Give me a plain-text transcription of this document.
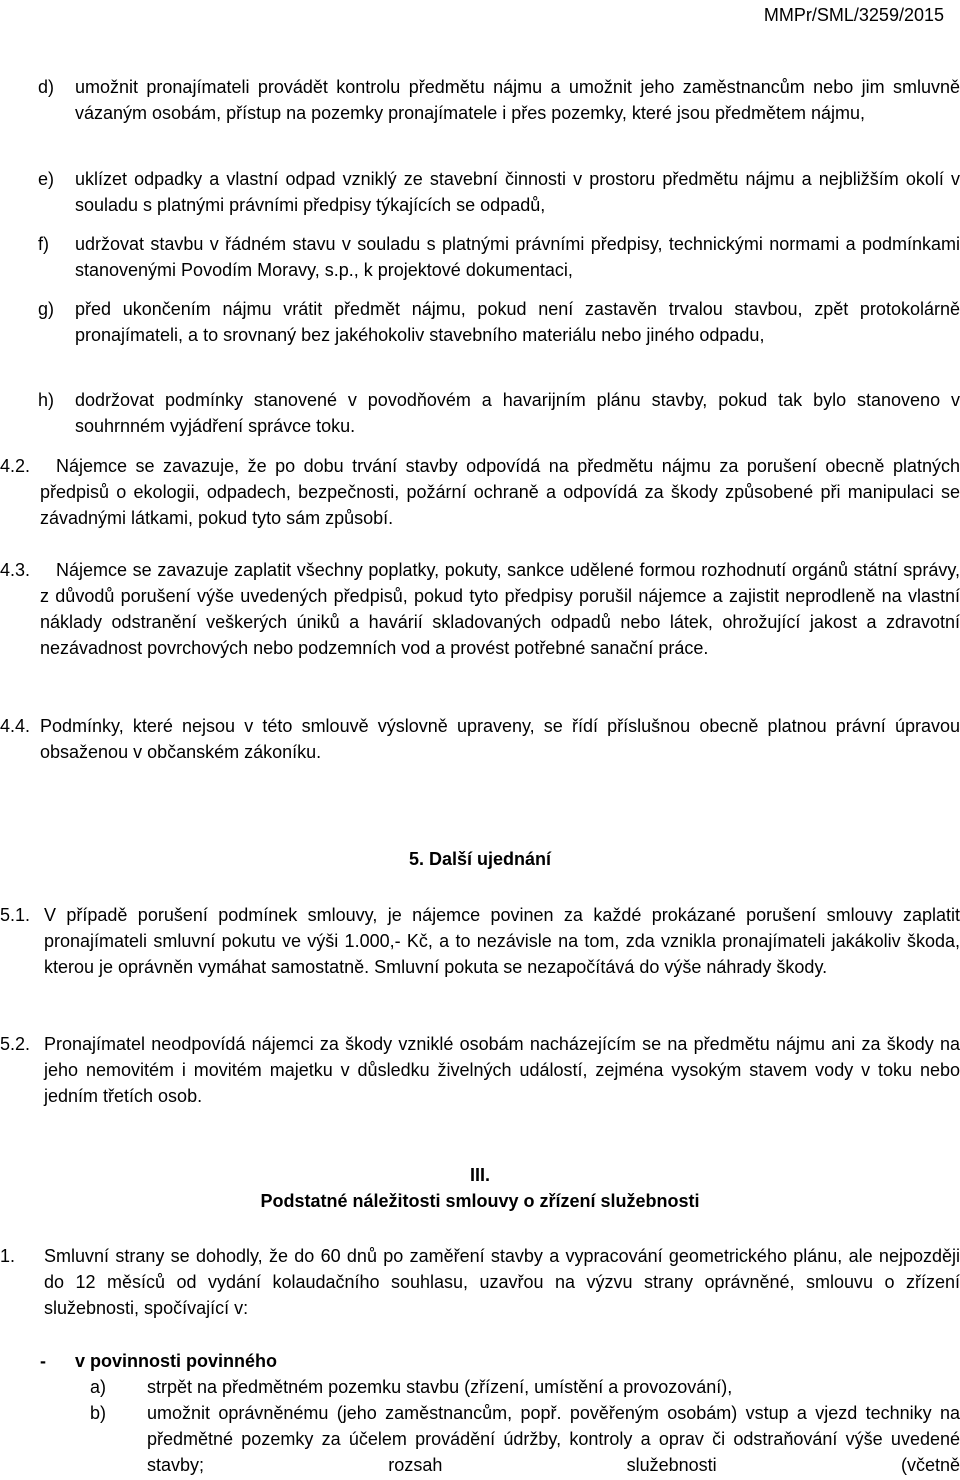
MMPr/SML/3259/2015
d) umožnit pronajímateli provádět kontrolu předmětu nájmu a umožnit jeho zaměstnancům nebo jim smluvně vázaným osobám, přístup na pozemky pronajímatele i přes pozemky, které jsou předmětem nájmu,
e) uklízet odpadky a vlastní odpad vzniklý ze stavební činnosti v prostoru předmětu nájmu a nejbližším okolí v souladu s platnými právními předpisy týkajících se odpadů,
f) udržovat stavbu v řádném stavu v souladu s platnými právními předpisy, technickými normami a podmínkami stanovenými Povodím Moravy, s.p., k projektové dokumentaci,
g) před ukončením nájmu vrátit předmět nájmu, pokud není zastavěn trvalou stavbou, zpět protokolárně pronajímateli, a to srovnaný bez jakéhokoliv stavebního materiálu nebo jiného odpadu,
h) dodržovat podmínky stanovené v povodňovém a havarijním plánu stavby, pokud tak bylo stanoveno v souhrnném vyjádření správce toku.
4.2.	Nájemce se zavazuje, že po dobu trvání stavby odpovídá na předmětu nájmu za porušení obecně platných předpisů o ekologii, odpadech, bezpečnosti, požární ochraně a odpovídá za škody způsobené při manipulaci se závadnými látkami, pokud tyto sám způsobí.
4.3.	Nájemce se zavazuje zaplatit všechny poplatky, pokuty, sankce udělené formou rozhodnutí orgánů státní správy, z důvodů porušení výše uvedených předpisů, pokud tyto předpisy porušil nájemce a zajistit neprodleně na vlastní náklady odstranění veškerých úniků a havárií skladovaných odpadů nebo látek, ohrožující jakost a zdravotní nezávadnost povrchových nebo podzemních vod a provést potřebné sanační práce.
4.4. Podmínky, které nejsou v této smlouvě výslovně upraveny, se řídí příslušnou obecně platnou právní úpravou obsaženou v občanském zákoníku.
5. Další ujednání
5.1. V případě porušení podmínek smlouvy, je nájemce povinen za každé prokázané porušení smlouvy zaplatit pronajímateli smluvní pokutu ve výši 1.000,- Kč, a to nezávisle na tom, zda vznikla pronajímateli jakákoliv škoda, kterou je oprávněn vymáhat samostatně. Smluvní pokuta se nezapočítává do výše náhrady škody.
5.2. Pronajímatel neodpovídá nájemci za škody vzniklé osobám nacházejícím se na předmětu nájmu ani za škody na jeho nemovitém i movitém majetku v důsledku živelných událostí, zejména vysokým stavem vody v toku nebo jedním třetích osob.
III.
Podstatné náležitosti smlouvy o zřízení služebnosti
1. Smluvní strany se dohodly, že do 60 dnů po zaměření stavby a vypracování geometrického plánu, ale nejpozději do 12 měsíců od vydání kolaudačního souhlasu, uzavřou na výzvu strany oprávněné, smlouvu o zřízení služebnosti, spočívající v:
- v povinnosti povinného
a) strpět na předmětném pozemku stavbu (zřízení, umístění a provozování),
b) umožnit oprávněnému (jeho zaměstnancům, popř. pověřeným osobám) vstup a vjezd techniky na předmětné pozemky za účelem provádění údržby, kontroly a oprav či odstraňování výše uvedené stavby; rozsah služebnosti (včetně
